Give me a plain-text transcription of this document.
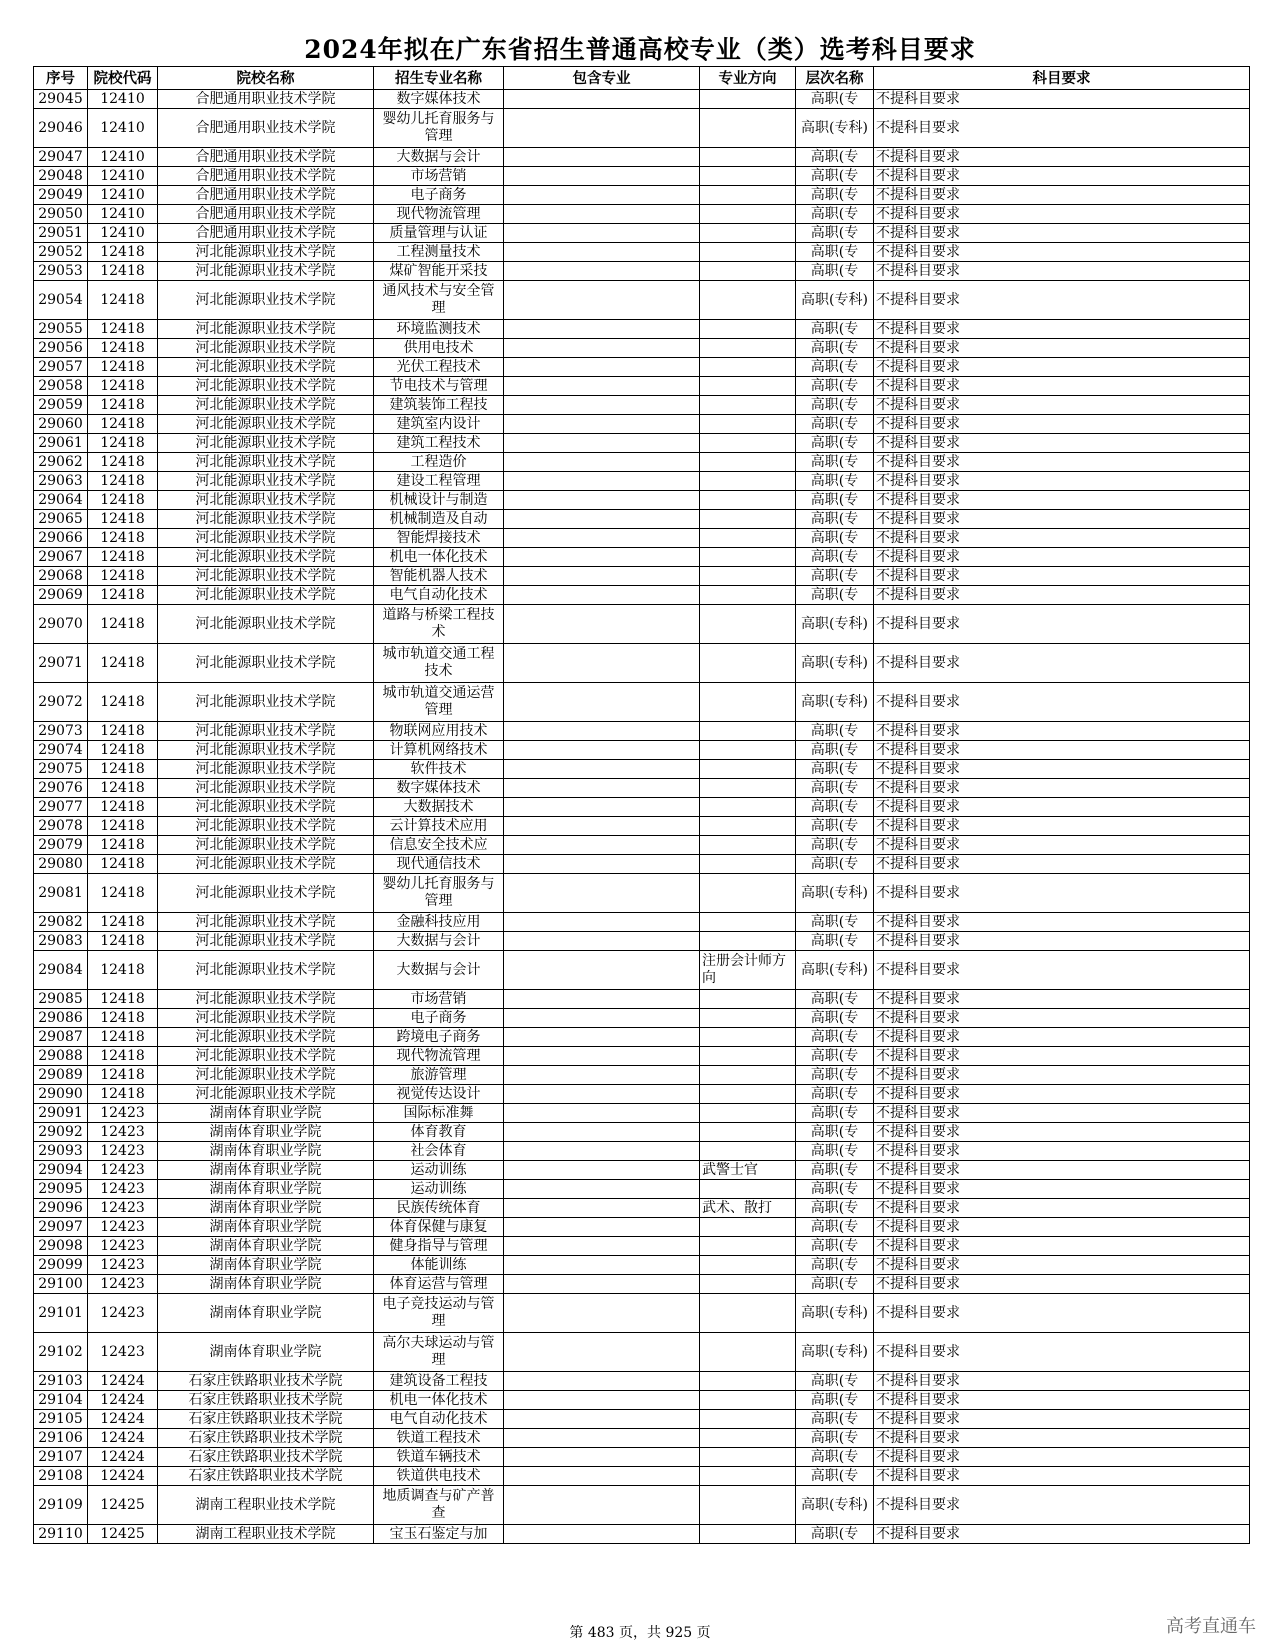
2024年拟在广东省招生普通高校专业（类）选考科目要求
序号	院校代码	院校名称	招生专业名称	包含专业	专业方向	层次名称	科目要求
29045	12410	合肥通用职业技术学院	数字媒体技术			高职(专	不提科目要求
29046	12410	合肥通用职业技术学院	婴幼儿托育服务与管理			高职(专科)	不提科目要求
29047	12410	合肥通用职业技术学院	大数据与会计			高职(专	不提科目要求
29048	12410	合肥通用职业技术学院	市场营销			高职(专	不提科目要求
29049	12410	合肥通用职业技术学院	电子商务			高职(专	不提科目要求
29050	12410	合肥通用职业技术学院	现代物流管理			高职(专	不提科目要求
29051	12410	合肥通用职业技术学院	质量管理与认证			高职(专	不提科目要求
29052	12418	河北能源职业技术学院	工程测量技术			高职(专	不提科目要求
29053	12418	河北能源职业技术学院	煤矿智能开采技			高职(专	不提科目要求
29054	12418	河北能源职业技术学院	通风技术与安全管理			高职(专科)	不提科目要求
29055	12418	河北能源职业技术学院	环境监测技术			高职(专	不提科目要求
29056	12418	河北能源职业技术学院	供用电技术			高职(专	不提科目要求
29057	12418	河北能源职业技术学院	光伏工程技术			高职(专	不提科目要求
29058	12418	河北能源职业技术学院	节电技术与管理			高职(专	不提科目要求
29059	12418	河北能源职业技术学院	建筑装饰工程技			高职(专	不提科目要求
29060	12418	河北能源职业技术学院	建筑室内设计			高职(专	不提科目要求
29061	12418	河北能源职业技术学院	建筑工程技术			高职(专	不提科目要求
29062	12418	河北能源职业技术学院	工程造价			高职(专	不提科目要求
29063	12418	河北能源职业技术学院	建设工程管理			高职(专	不提科目要求
29064	12418	河北能源职业技术学院	机械设计与制造			高职(专	不提科目要求
29065	12418	河北能源职业技术学院	机械制造及自动			高职(专	不提科目要求
29066	12418	河北能源职业技术学院	智能焊接技术			高职(专	不提科目要求
29067	12418	河北能源职业技术学院	机电一体化技术			高职(专	不提科目要求
29068	12418	河北能源职业技术学院	智能机器人技术			高职(专	不提科目要求
29069	12418	河北能源职业技术学院	电气自动化技术			高职(专	不提科目要求
29070	12418	河北能源职业技术学院	道路与桥梁工程技术			高职(专科)	不提科目要求
29071	12418	河北能源职业技术学院	城市轨道交通工程技术			高职(专科)	不提科目要求
29072	12418	河北能源职业技术学院	城市轨道交通运营管理			高职(专科)	不提科目要求
29073	12418	河北能源职业技术学院	物联网应用技术			高职(专	不提科目要求
29074	12418	河北能源职业技术学院	计算机网络技术			高职(专	不提科目要求
29075	12418	河北能源职业技术学院	软件技术			高职(专	不提科目要求
29076	12418	河北能源职业技术学院	数字媒体技术			高职(专	不提科目要求
29077	12418	河北能源职业技术学院	大数据技术			高职(专	不提科目要求
29078	12418	河北能源职业技术学院	云计算技术应用			高职(专	不提科目要求
29079	12418	河北能源职业技术学院	信息安全技术应			高职(专	不提科目要求
29080	12418	河北能源职业技术学院	现代通信技术			高职(专	不提科目要求
29081	12418	河北能源职业技术学院	婴幼儿托育服务与管理			高职(专科)	不提科目要求
29082	12418	河北能源职业技术学院	金融科技应用			高职(专	不提科目要求
29083	12418	河北能源职业技术学院	大数据与会计			高职(专	不提科目要求
29084	12418	河北能源职业技术学院	大数据与会计		注册会计师方向	高职(专科)	不提科目要求
29085	12418	河北能源职业技术学院	市场营销			高职(专	不提科目要求
29086	12418	河北能源职业技术学院	电子商务			高职(专	不提科目要求
29087	12418	河北能源职业技术学院	跨境电子商务			高职(专	不提科目要求
29088	12418	河北能源职业技术学院	现代物流管理			高职(专	不提科目要求
29089	12418	河北能源职业技术学院	旅游管理			高职(专	不提科目要求
29090	12418	河北能源职业技术学院	视觉传达设计			高职(专	不提科目要求
29091	12423	湖南体育职业学院	国际标准舞			高职(专	不提科目要求
29092	12423	湖南体育职业学院	体育教育			高职(专	不提科目要求
29093	12423	湖南体育职业学院	社会体育			高职(专	不提科目要求
29094	12423	湖南体育职业学院	运动训练		武警士官	高职(专	不提科目要求
29095	12423	湖南体育职业学院	运动训练			高职(专	不提科目要求
29096	12423	湖南体育职业学院	民族传统体育		武术、散打	高职(专	不提科目要求
29097	12423	湖南体育职业学院	体育保健与康复			高职(专	不提科目要求
29098	12423	湖南体育职业学院	健身指导与管理			高职(专	不提科目要求
29099	12423	湖南体育职业学院	体能训练			高职(专	不提科目要求
29100	12423	湖南体育职业学院	体育运营与管理			高职(专	不提科目要求
29101	12423	湖南体育职业学院	电子竞技运动与管理			高职(专科)	不提科目要求
29102	12423	湖南体育职业学院	高尔夫球运动与管理			高职(专科)	不提科目要求
29103	12424	石家庄铁路职业技术学院	建筑设备工程技			高职(专	不提科目要求
29104	12424	石家庄铁路职业技术学院	机电一体化技术			高职(专	不提科目要求
29105	12424	石家庄铁路职业技术学院	电气自动化技术			高职(专	不提科目要求
29106	12424	石家庄铁路职业技术学院	铁道工程技术			高职(专	不提科目要求
29107	12424	石家庄铁路职业技术学院	铁道车辆技术			高职(专	不提科目要求
29108	12424	石家庄铁路职业技术学院	铁道供电技术			高职(专	不提科目要求
29109	12425	湖南工程职业技术学院	地质调查与矿产普查			高职(专科)	不提科目要求
29110	12425	湖南工程职业技术学院	宝玉石鉴定与加			高职(专	不提科目要求
第 483 页，共 925 页	高考直通车
